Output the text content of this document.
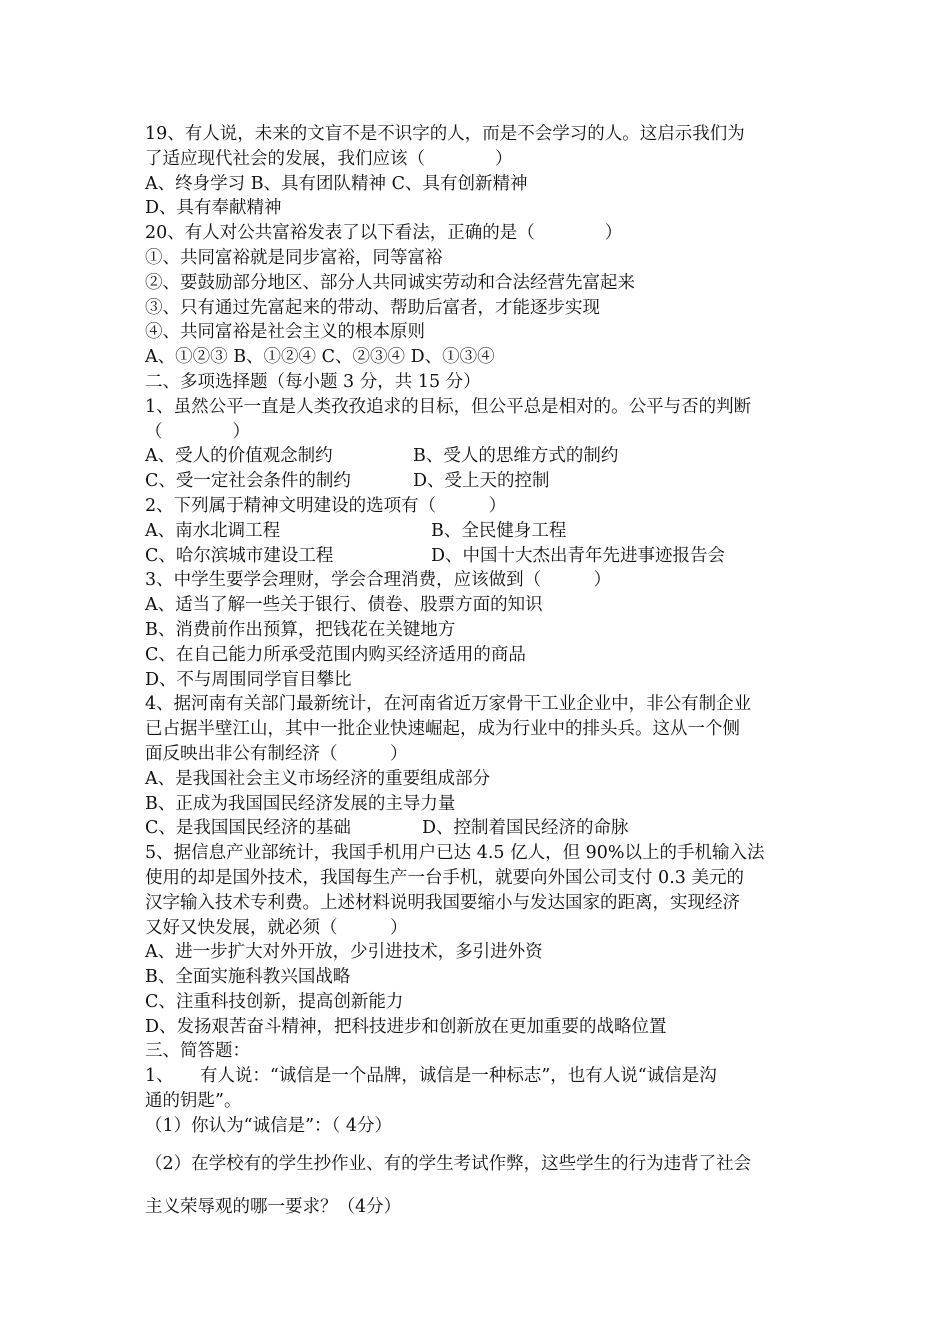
19、有人说，未来的文盲不是不识字的人，而是不会学习的人。这启示我们为
了适应现代社会的发展，我们应该（　　　　）
A、终身学习 B、具有团队精神 C、具有创新精神
D、具有奉献精神
20、有人对公共富裕发表了以下看法，正确的是（　　　　）
①、共同富裕就是同步富裕，同等富裕
②、要鼓励部分地区、部分人共同诚实劳动和合法经营先富起来
③、只有通过先富起来的带动、帮助后富者，才能逐步实现
④、共同富裕是社会主义的根本原则
A、①②③ B、①②④ C、②③④ D、①③④
二、多项选择题（每小题 3 分，共 15 分）
1、虽然公平一直是人类孜孜追求的目标，但公平总是相对的。公平与否的判断
（　　　　）
A、受人的价值观念制约	B、受人的思维方式的制约
C、受一定社会条件的制约	D、受上天的控制
2、下列属于精神文明建设的选项有（　　　）
A、南水北调工程	B、全民健身工程
C、哈尔滨城市建设工程	D、中国十大杰出青年先进事迹报告会
3、中学生要学会理财，学会合理消费，应该做到（　　　）
A、适当了解一些关于银行、债卷、股票方面的知识
B、消费前作出预算，把钱花在关键地方
C、在自己能力所承受范围内购买经济适用的商品
D、不与周围同学盲目攀比
4、据河南有关部门最新统计，在河南省近万家骨干工业企业中，非公有制企业
已占据半壁江山，其中一批企业快速崛起，成为行业中的排头兵。这从一个侧
面反映出非公有制经济（　　　）
A、是我国社会主义市场经济的重要组成部分
B、正成为我国国民经济发展的主导力量
C、是我国国民经济的基础	D、控制着国民经济的命脉
5、据信息产业部统计，我国手机用户已达 4.5 亿人，但 90%以上的手机输入法
使用的却是国外技术，我国每生产一台手机，就要向外国公司支付 0.3 美元的
汉字输入技术专利费。上述材料说明我国要缩小与发达国家的距离，实现经济
又好又快发展，就必须（　　　）
A、进一步扩大对外开放，少引进技术，多引进外资
B、全面实施科教兴国战略
C、注重科技创新，提高创新能力
D、发扬艰苦奋斗精神，把科技进步和创新放在更加重要的战略位置
三、简答题：
1、　　有人说：“诚信是一个品牌，诚信是一种标志”，也有人说“诚信是沟
通的钥匙”。
（1）你认为“诚信是”：（ 4分）
（2）在学校有的学生抄作业、有的学生考试作弊，这些学生的行为违背了社会
主义荣辱观的哪一要求？（4分）
